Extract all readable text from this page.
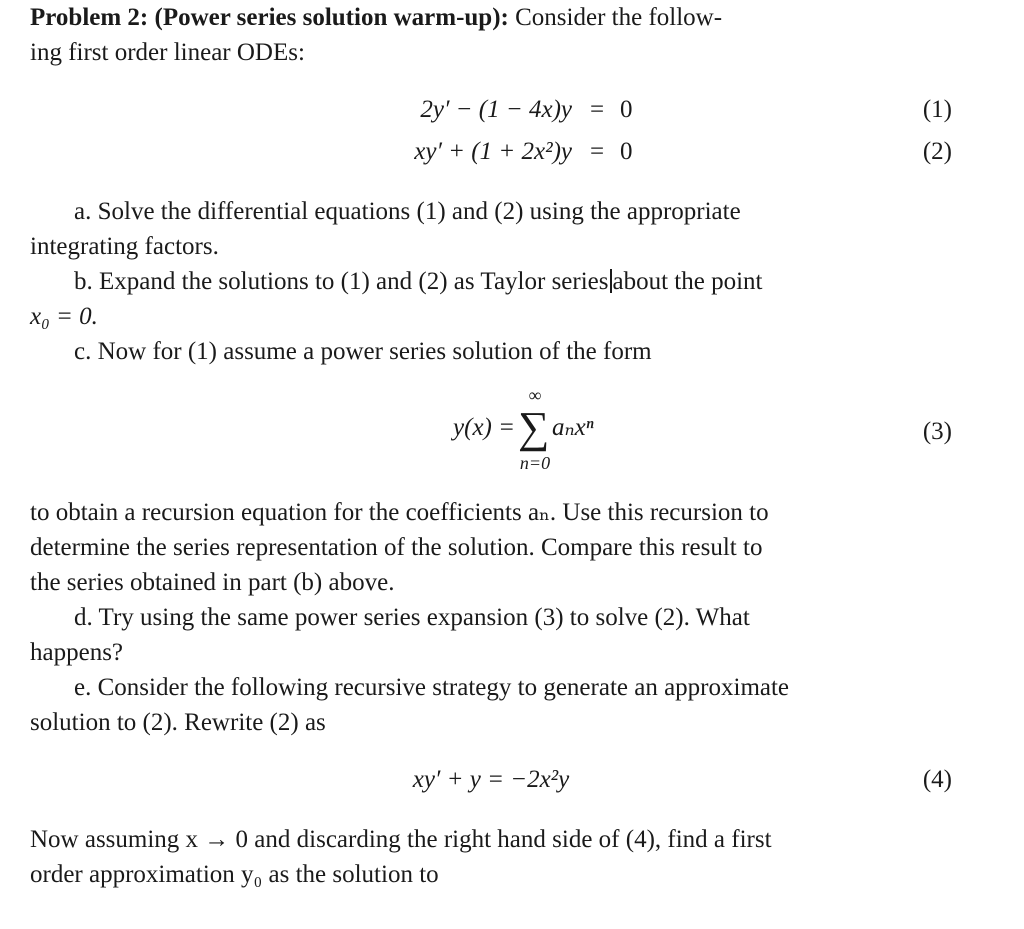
Problem 2: (Power series solution warm-up): Consider the follow-
ing first order linear ODEs:
2y′ − (1 − 4x)y = 0	(1)
xy′ + (1 + 2x²)y = 0	(2)
a. Solve the differential equations (1) and (2) using the appropriate
integrating factors.
b. Expand the solutions to (1) and (2) as Taylor series about the point
x₀ = 0.
c. Now for (1) assume a power series solution of the form
y(x) =
∞
∑
n=0
aₙxⁿ	(3)
to obtain a recursion equation for the coefficients aₙ. Use this recursion to
determine the series representation of the solution. Compare this result to
the series obtained in part (b) above.
d. Try using the same power series expansion (3) to solve (2). What
happens?
e. Consider the following recursive strategy to generate an approximate
solution to (2). Rewrite (2) as
xy′ + y = −2x²y	(4)
Now assuming x → 0 and discarding the right hand side of (4), find a first
order approximation y₀ as the solution to
